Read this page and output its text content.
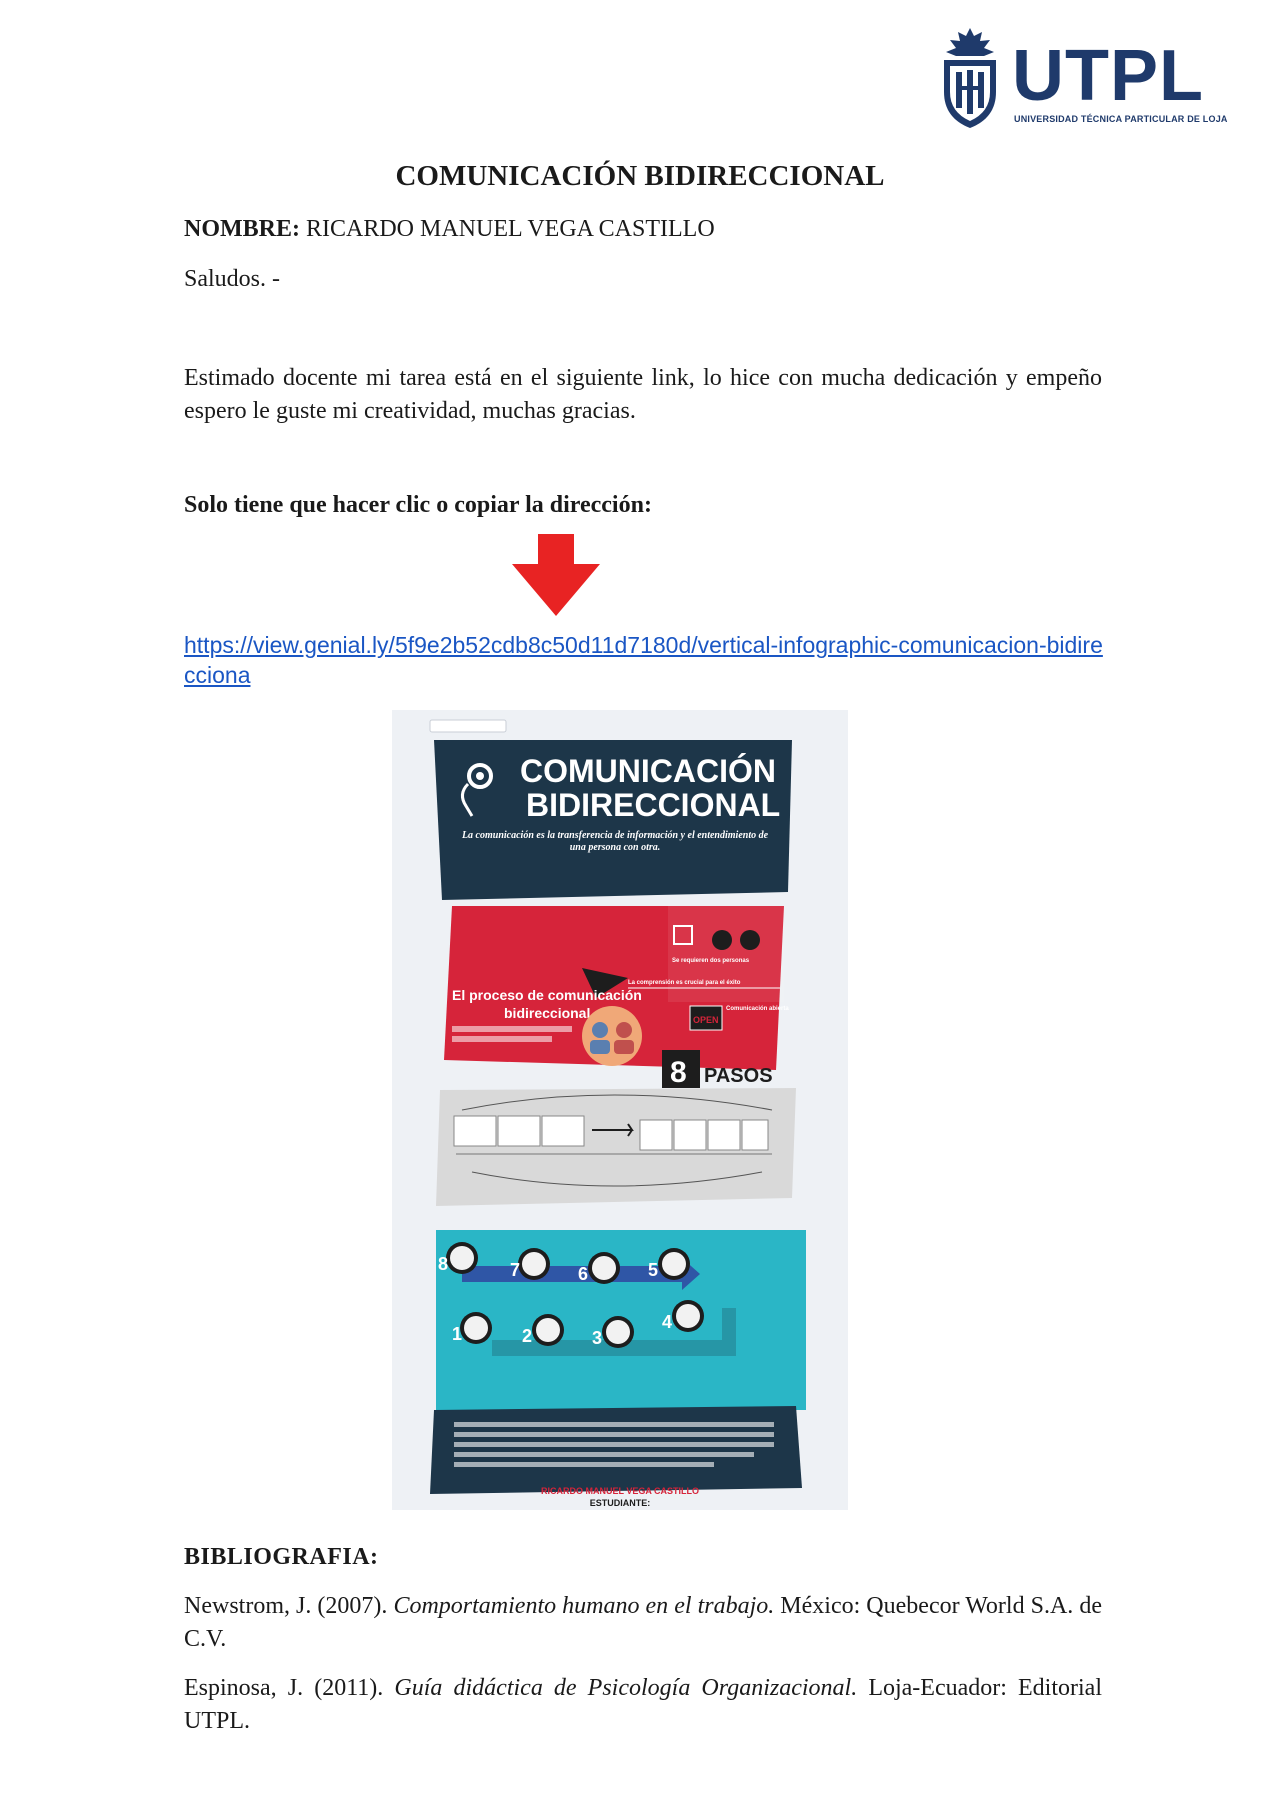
UTPL
UNIVERSIDAD TÉCNICA PARTICULAR DE LOJA
COMUNICACIÓN BIDIRECCIONAL
NOMBRE: RICARDO MANUEL VEGA CASTILLO
Saludos. -
Estimado docente mi tarea está en el siguiente link, lo hice con mucha dedicación y empeño espero le guste mi creatividad, muchas gracias.
Solo tiene que hacer clic o copiar la dirección:
https://view.genial.ly/5f9e2b52cdb8c50d11d7180d/vertical-infographic-comunicacion-bidirecciona
COMUNICACIÓN
BIDIRECCIONAL
La comunicación es la transferencia de información y el entendimiento de una persona con otra.
Se requieren dos personas
La comprensión es crucial para el éxito
OPEN
Comunicación abierta
El proceso de comunicación
bidireccional
8 PASOS
8	7	6	5
1	2	3
4
RICARDO MANUEL VEGA CASTILLO
ESTUDIANTE:
BIBLIOGRAFIA:
Newstrom, J. (2007). Comportamiento humano en el trabajo. México: Quebecor World S.A. de C.V.
Espinosa, J. (2011). Guía didáctica de Psicología Organizacional. Loja-Ecuador: Editorial UTPL.
